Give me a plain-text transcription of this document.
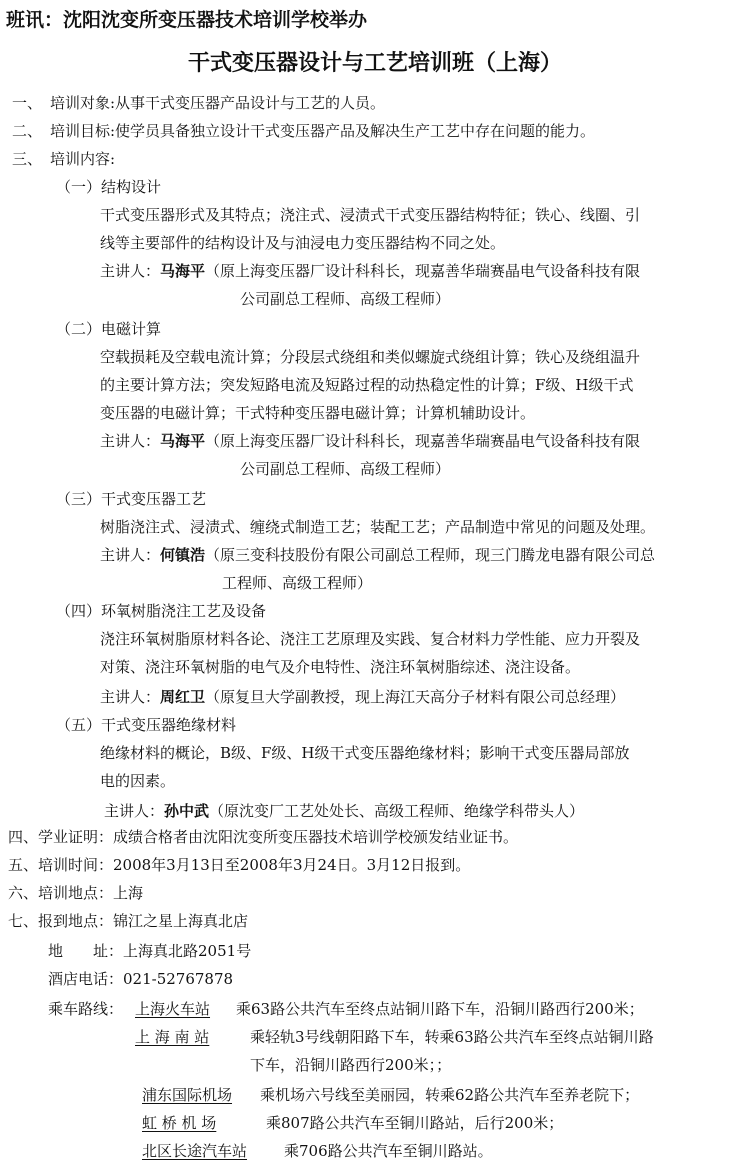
班讯：沈阳沈变所变压器技术培训学校举办
干式变压器设计与工艺培训班（上海）
一、 培训对象:从事干式变压器产品设计与工艺的人员。
二、 培训目标:使学员具备独立设计干式变压器产品及解决生产工艺中存在问题的能力。
三、 培训内容:
（一）结构设计
干式变压器形式及其特点；浇注式、浸渍式干式变压器结构特征；铁心、线圈、引
线等主要部件的结构设计及与油浸电力变压器结构不同之处。
主讲人：马海平（原上海变压器厂设计科科长，现嘉善华瑞赛晶电气设备科技有限
公司副总工程师、高级工程师）
（二）电磁计算
空载损耗及空载电流计算；分段层式绕组和类似螺旋式绕组计算；铁心及绕组温升
的主要计算方法；突发短路电流及短路过程的动热稳定性的计算；F级、H级干式
变压器的电磁计算；干式特种变压器电磁计算；计算机辅助设计。
主讲人：马海平（原上海变压器厂设计科科长，现嘉善华瑞赛晶电气设备科技有限
公司副总工程师、高级工程师）
（三）干式变压器工艺
树脂浇注式、浸渍式、缠绕式制造工艺；装配工艺；产品制造中常见的问题及处理。
主讲人：何镇浩（原三变科技股份有限公司副总工程师，现三门腾龙电器有限公司总
工程师、高级工程师）
（四）环氧树脂浇注工艺及设备
浇注环氧树脂原材料各论、浇注工艺原理及实践、复合材料力学性能、应力开裂及
对策、浇注环氧树脂的电气及介电特性、浇注环氧树脂综述、浇注设备。
主讲人：周红卫（原复旦大学副教授，现上海江天高分子材料有限公司总经理）
（五）干式变压器绝缘材料
绝缘材料的概论，B级、F级、H级干式变压器绝缘材料；影响干式变压器局部放
电的因素。
主讲人：孙中武（原沈变厂工艺处处长、高级工程师、绝缘学科带头人）
四、学业证明：成绩合格者由沈阳沈变所变压器技术培训学校颁发结业证书。
五、培训时间：2008年3月13日至2008年3月24日。3月12日报到。
六、培训地点：上海
七、报到地点：锦江之星上海真北店
地　　址：上海真北路2051号
酒店电话：021-52767878
乘车路线： 上海火车站 乘63路公共汽车至终点站铜川路下车，沿铜川路西行200米；
上 海 南 站	乘轻轨3号线朝阳路下车，转乘63路公共汽车至终点站铜川路
下车，沿铜川路西行200米；；
浦东国际机场 乘机场六号线至美丽园，转乘62路公共汽车至养老院下；
虹 桥 机 场	乘807路公共汽车至铜川路站，后行200米；
北区长途汽车站 乘706路公共汽车至铜川路站。
